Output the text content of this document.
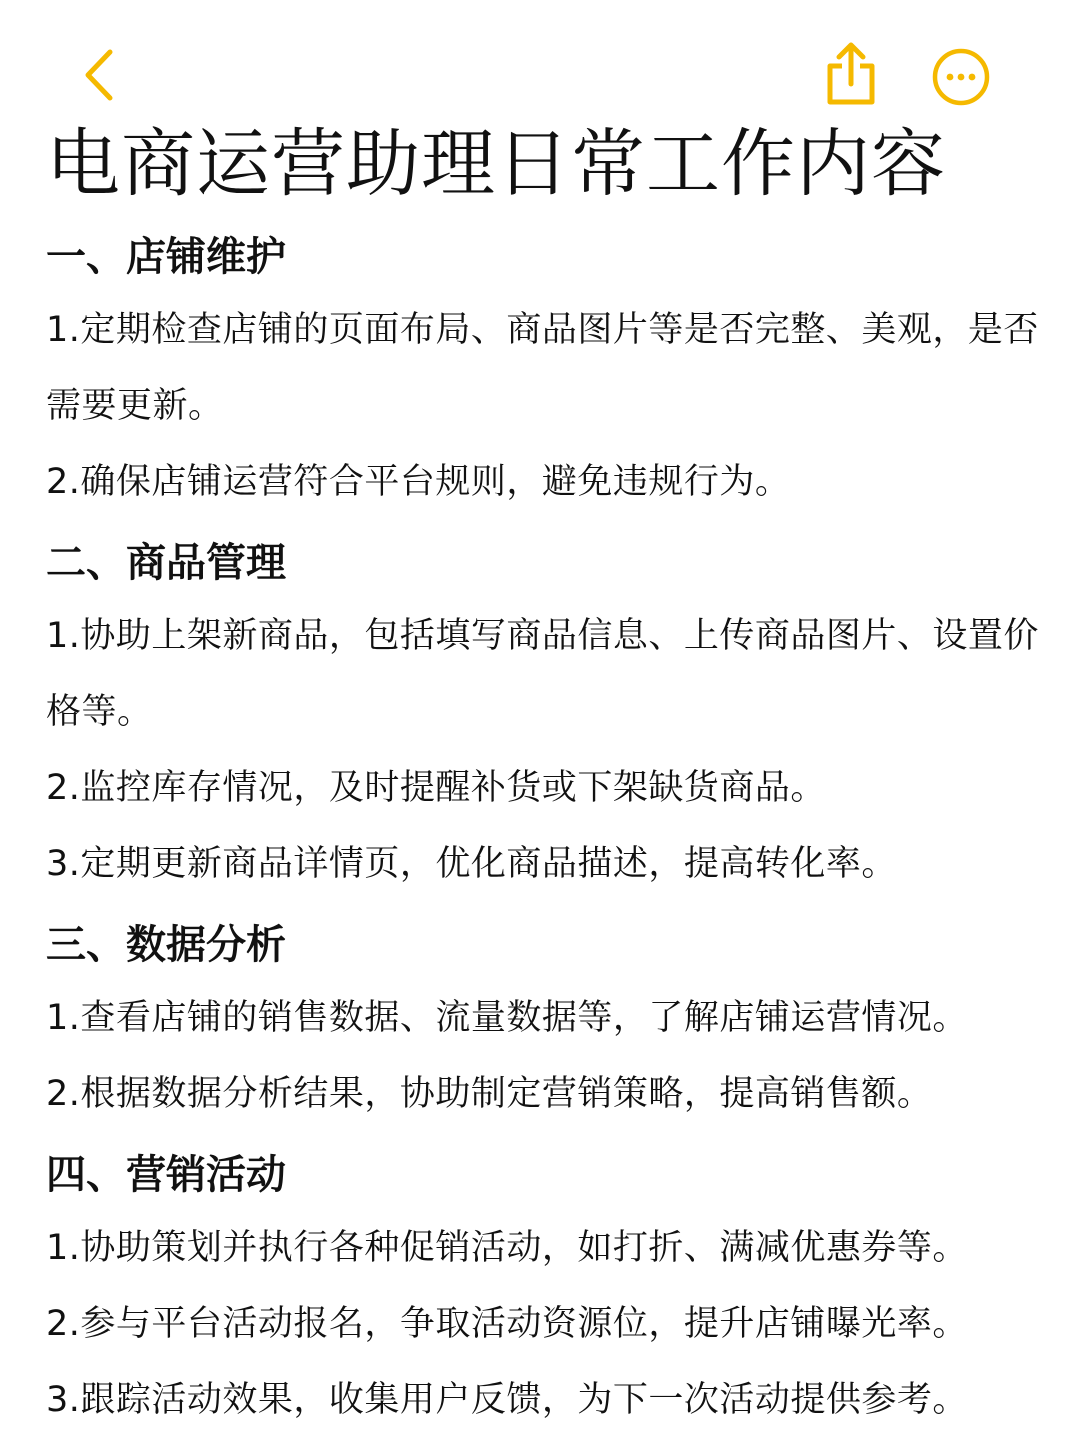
电商运营助理日常工作内容
一、店铺维护

1.定期检查店铺的页面布局、商品图片等是否完整、美观，是否需要更新。

2.确保店铺运营符合平台规则，避免违规行为。

二、商品管理

1.协助上架新商品，包括填写商品信息、上传商品图片、设置价格等。

2.监控库存情况，及时提醒补货或下架缺货商品。

3.定期更新商品详情页，优化商品描述，提高转化率。

三、数据分析

1.查看店铺的销售数据、流量数据等，了解店铺运营情况。

2.根据数据分析结果，协助制定营销策略，提高销售额。

四、营销活动

1.协助策划并执行各种促销活动，如打折、满减优惠券等。

2.参与平台活动报名，争取活动资源位，提升店铺曝光率。

3.跟踪活动效果，收集用户反馈，为下一次活动提供参考。
